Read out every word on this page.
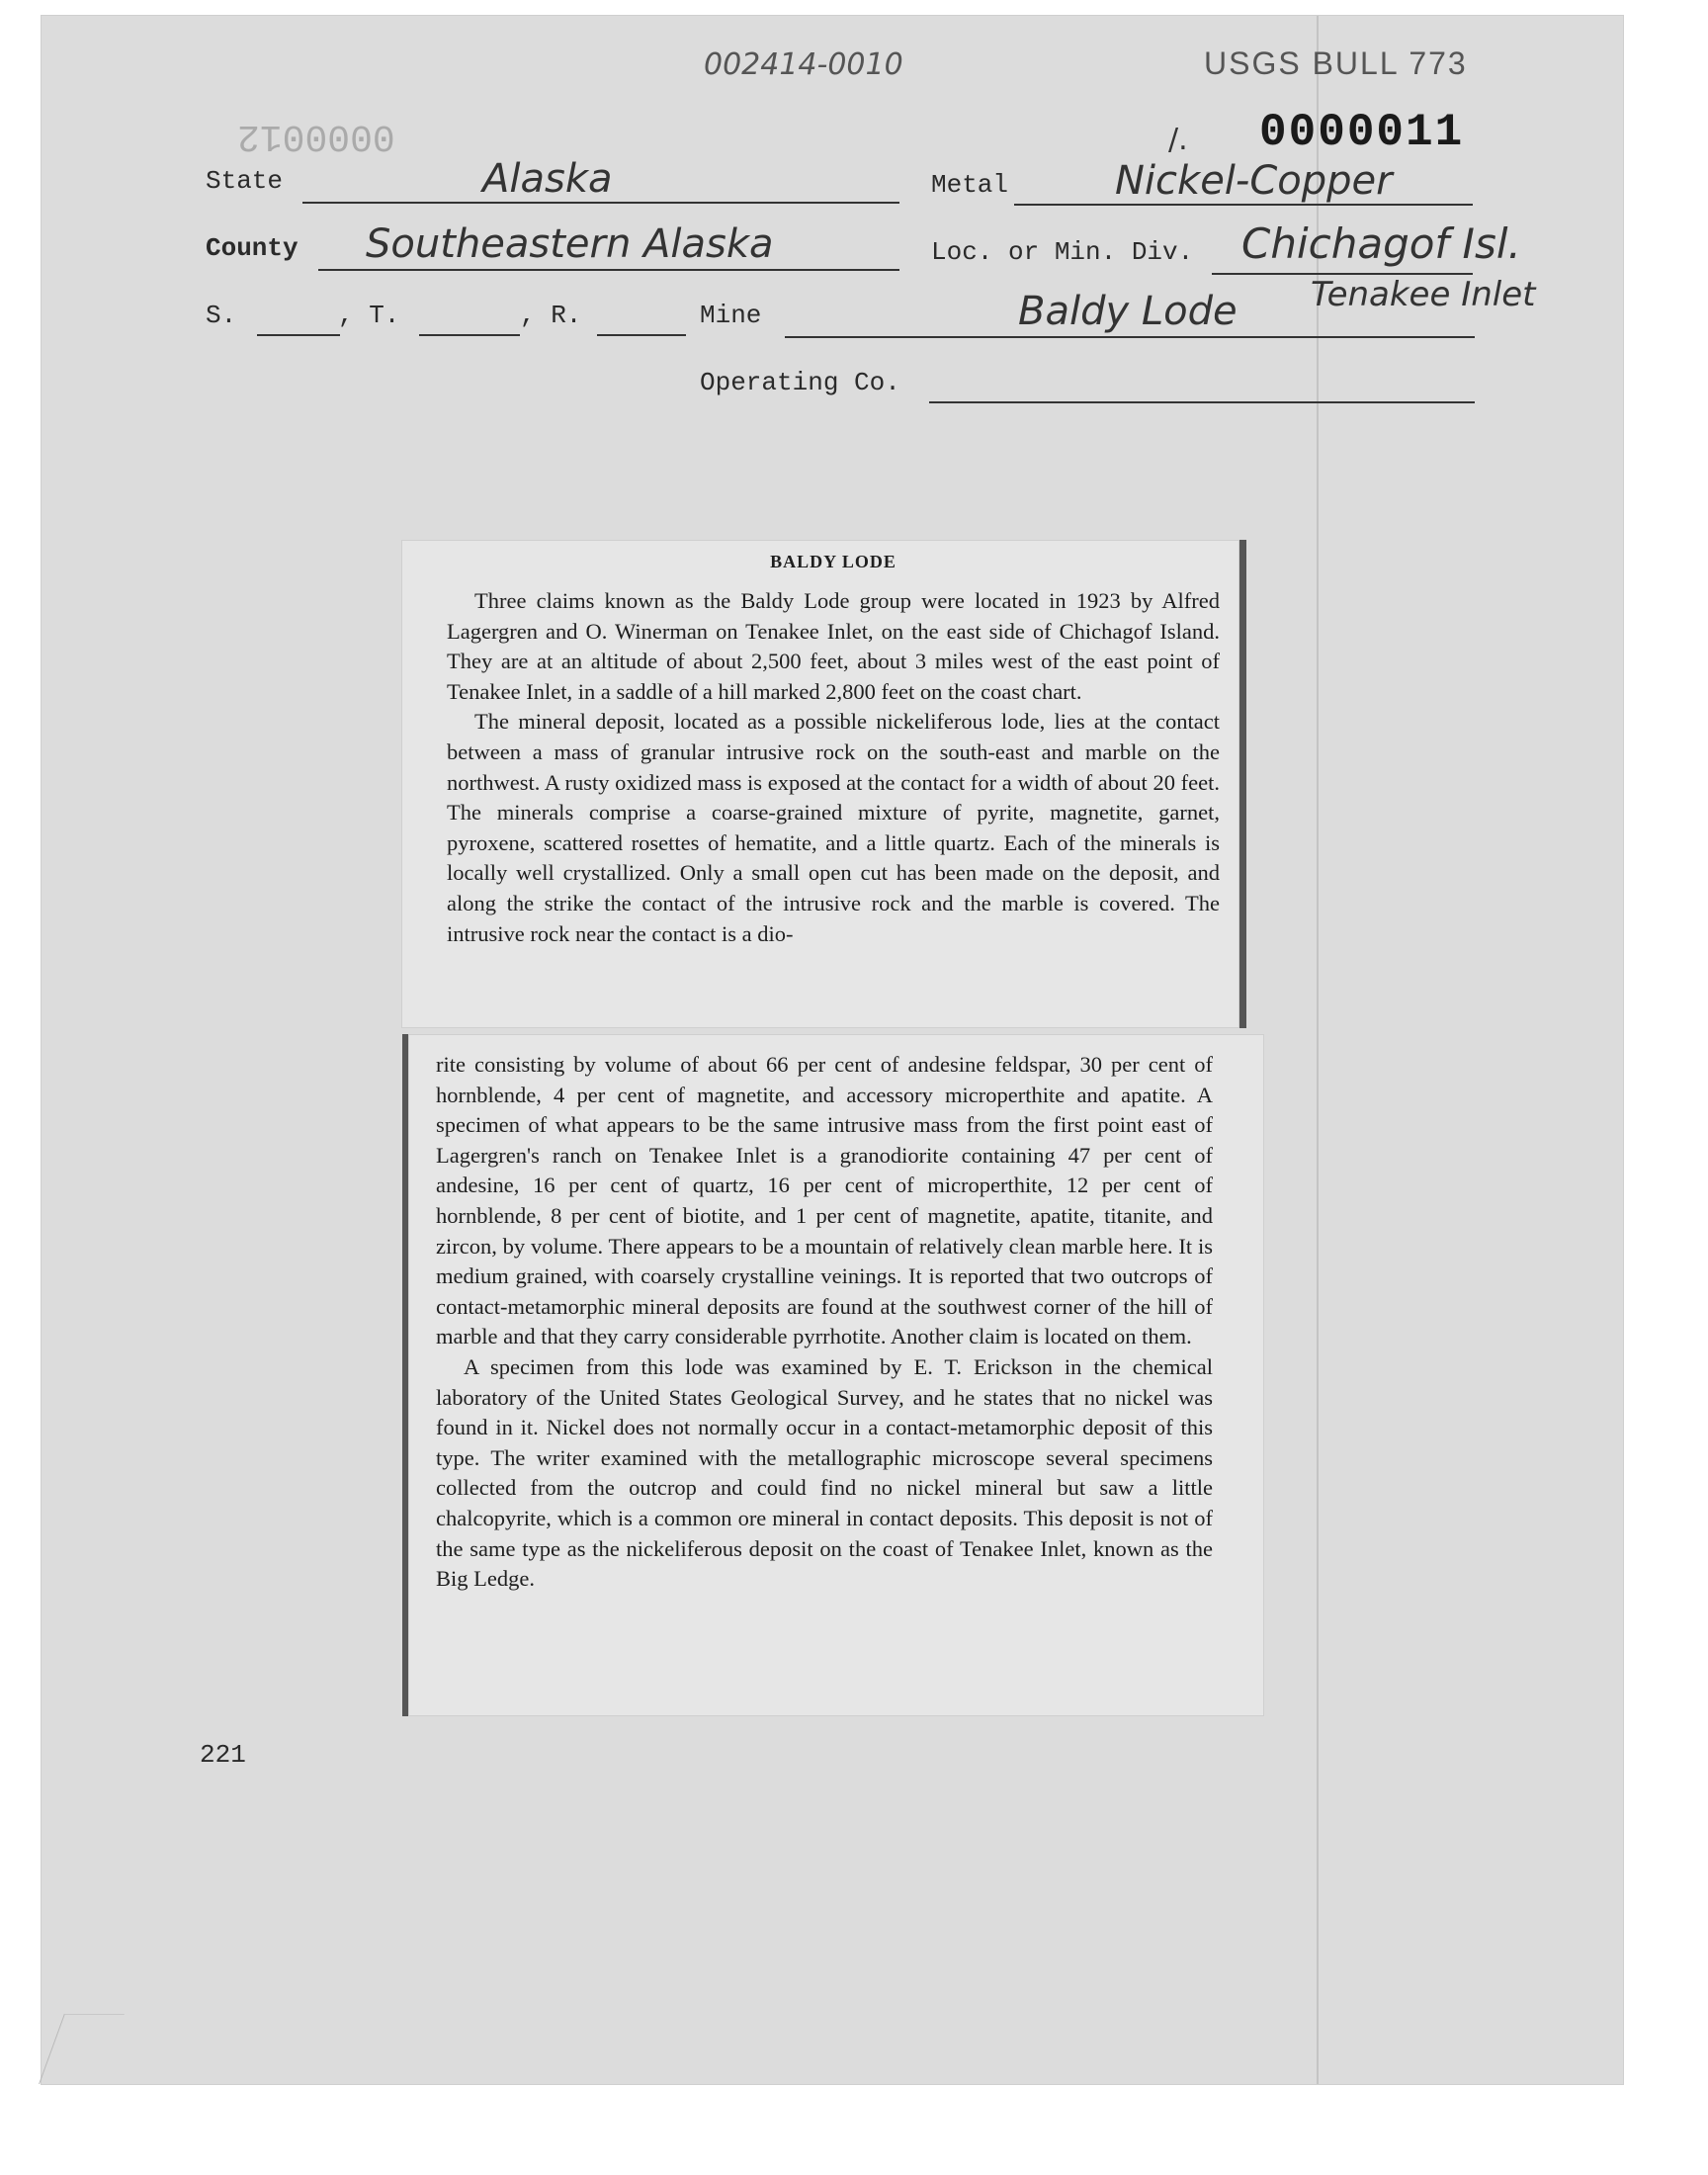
002414-0010	USGS BULL 773
/. 0000011
0000012
State	Alaska	Metal	Nickel-Copper
County Southeastern Alaska	Loc. or Min. Div. Chichagof Isl.
Tenakee Inlet
S.	, T.	, R.	Mine	Baldy Lode
Operating Co.
BALDY LODE

Three claims known as the Baldy Lode group were located in 1923 by Alfred Lagergren and O. Winerman on Tenakee Inlet, on the east side of Chichagof Island. They are at an altitude of about 2,500 feet, about 3 miles west of the east point of Tenakee Inlet, in a saddle of a hill marked 2,800 feet on the coast chart.

The mineral deposit, located as a possible nickeliferous lode, lies at the contact between a mass of granular intrusive rock on the south-east and marble on the northwest. A rusty oxidized mass is exposed at the contact for a width of about 20 feet. The minerals comprise a coarse-grained mixture of pyrite, magnetite, garnet, pyroxene, scattered rosettes of hematite, and a little quartz. Each of the minerals is locally well crystallized. Only a small open cut has been made on the deposit, and along the strike the contact of the intrusive rock and the marble is covered. The intrusive rock near the contact is a dio-

rite consisting by volume of about 66 per cent of andesine feldspar, 30 per cent of hornblende, 4 per cent of magnetite, and accessory microperthite and apatite. A specimen of what appears to be the same intrusive mass from the first point east of Lagergren's ranch on Tenakee Inlet is a granodiorite containing 47 per cent of andesine, 16 per cent of quartz, 16 per cent of microperthite, 12 per cent of hornblende, 8 per cent of biotite, and 1 per cent of magnetite, apatite, titanite, and zircon, by volume. There appears to be a mountain of relatively clean marble here. It is medium grained, with coarsely crystalline veinings. It is reported that two outcrops of contact-metamorphic mineral deposits are found at the southwest corner of the hill of marble and that they carry considerable pyrrhotite. Another claim is located on them.

A specimen from this lode was examined by E. T. Erickson in the chemical laboratory of the United States Geological Survey, and he states that no nickel was found in it. Nickel does not normally occur in a contact-metamorphic deposit of this type. The writer examined with the metallographic microscope several specimens collected from the outcrop and could find no nickel mineral but saw a little chalcopyrite, which is a common ore mineral in contact deposits. This deposit is not of the same type as the nickeliferous deposit on the coast of Tenakee Inlet, known as the Big Ledge.

221
